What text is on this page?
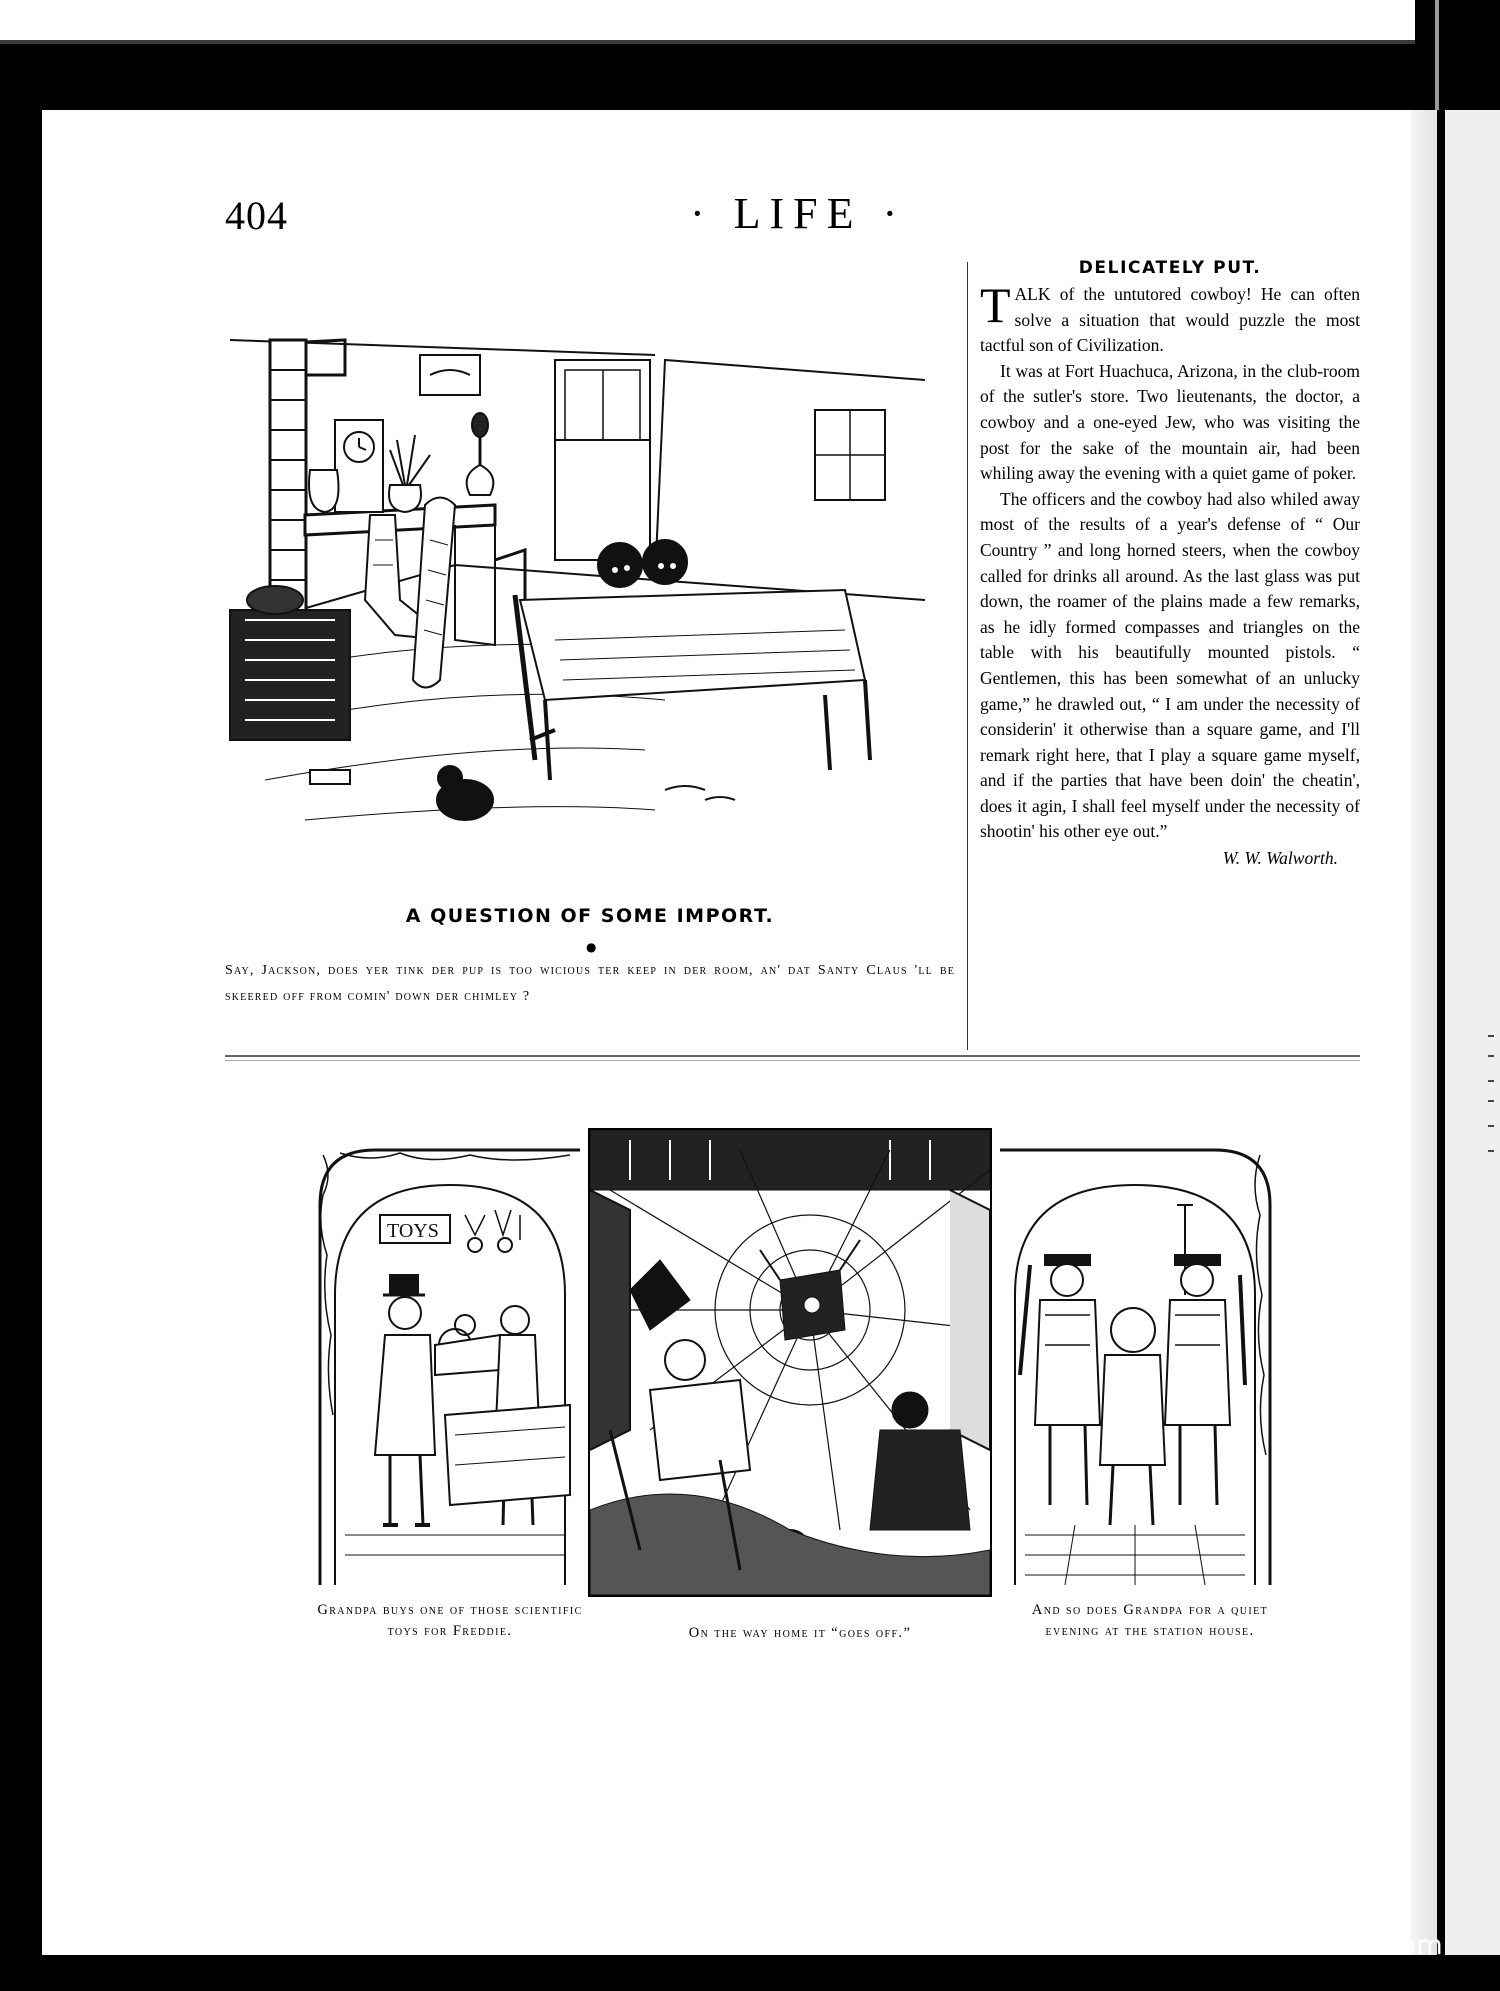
404	· LIFE ·
A QUESTION OF SOME IMPORT.
●
Say, Jackson, does yer tink der pup is too wicious ter keep in der room, an' dat Santy Claus 'll be skeered off from comin' down der chimley ?
DELICATELY PUT.

TALK of the untutored cowboy! He can often solve a situation that would puzzle the most tactful son of Civilization.

It was at Fort Huachuca, Arizona, in the club-room of the sutler's store. Two lieutenants, the doctor, a cowboy and a one-eyed Jew, who was visiting the post for the sake of the mountain air, had been whiling away the evening with a quiet game of poker.

The officers and the cowboy had also whiled away most of the results of a year's defense of “ Our Country ” and long horned steers, when the cowboy called for drinks all around. As the last glass was put down, the roamer of the plains made a few remarks, as he idly formed compasses and triangles on the table with his beautifully mounted pistols. “ Gentlemen, this has been somewhat of an unlucky game,” he drawled out, “ I am under the necessity of considerin' it otherwise than a square game, and I'll remark right here, that I play a square game myself, and if the parties that have been doin' the cheatin', does it agin, I shall feel myself under the necessity of shootin' his other eye out.”

W. W. Walworth.
TOYS
Grandpa buys one of those scientific toys for Freddie.	On the way home it “goes off.”
And so does Grandpa for a quiet evening at the station house.
comicbooks.com
